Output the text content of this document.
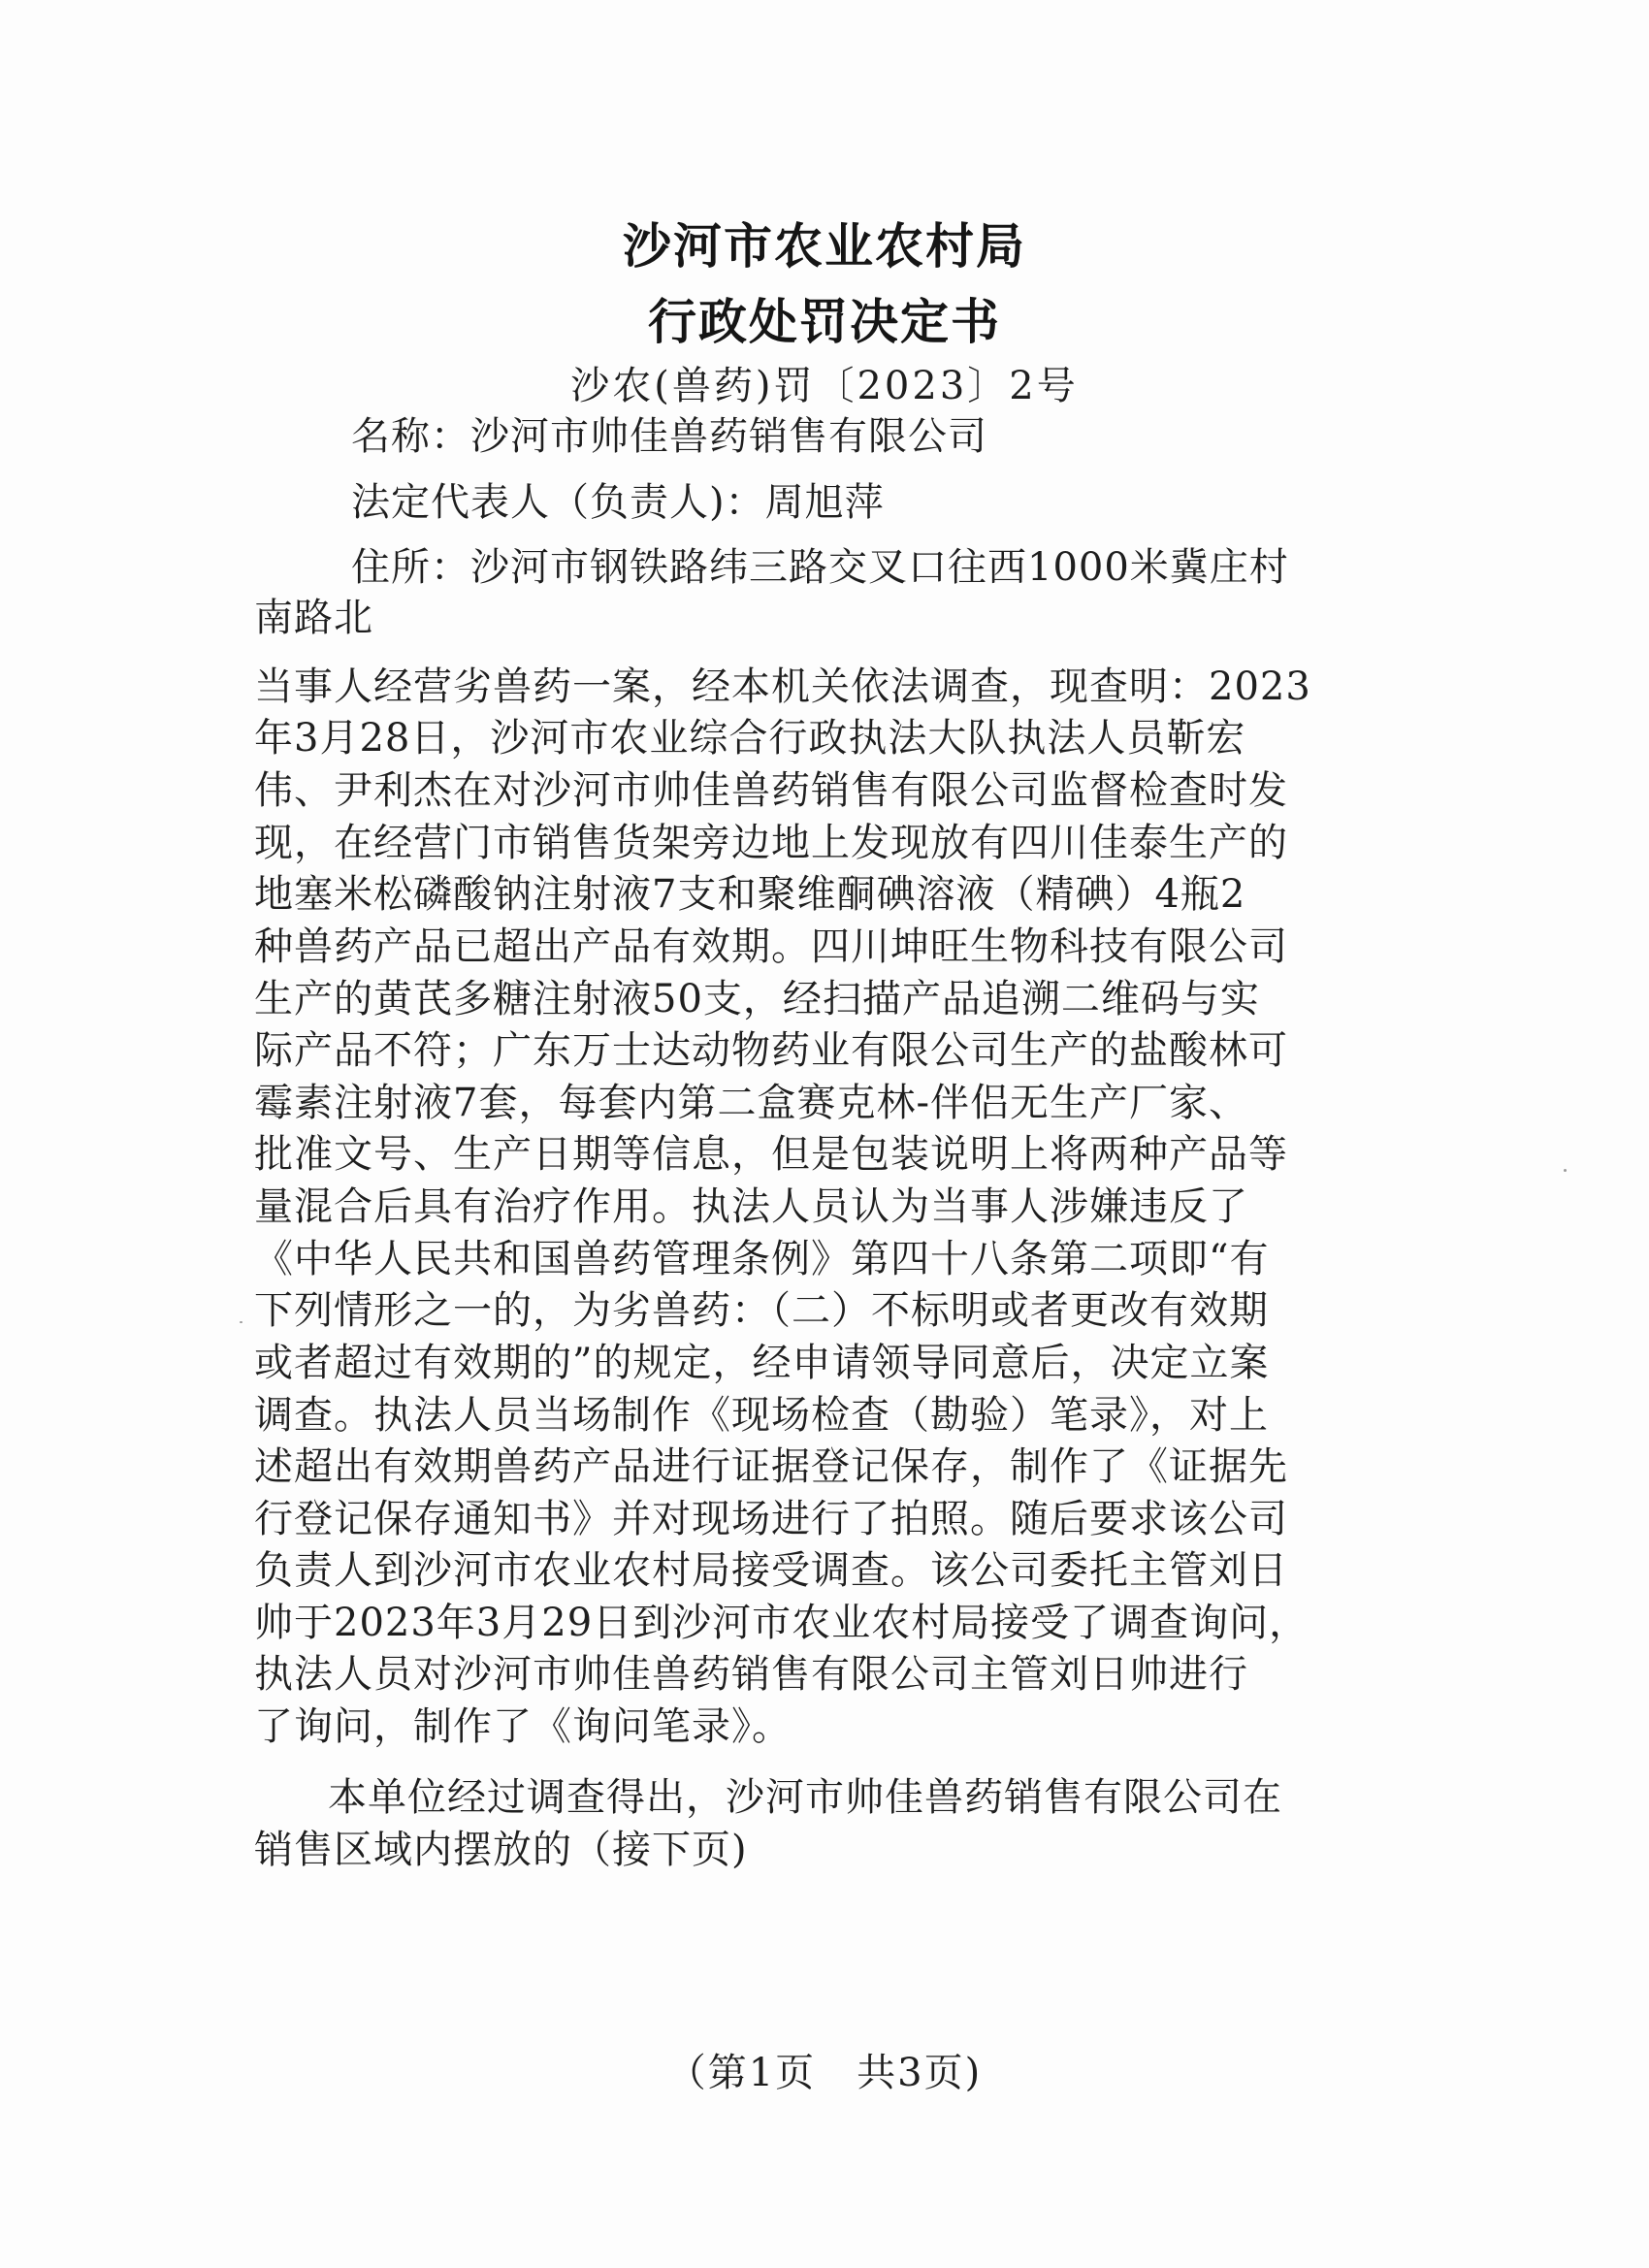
沙河市农业农村局
行政处罚决定书
沙农(兽药)罚〔2023〕2号
名称：沙河市帅佳兽药销售有限公司
法定代表人（负责人)：周旭萍
住所：沙河市钢铁路纬三路交叉口往西1000米冀庄村
南路北
当事人经营劣兽药一案，经本机关依法调查，现查明：2023
年3月28日，沙河市农业综合行政执法大队执法人员靳宏
伟、尹利杰在对沙河市帅佳兽药销售有限公司监督检查时发
现，在经营门市销售货架旁边地上发现放有四川佳泰生产的
地塞米松磷酸钠注射液7支和聚维酮碘溶液（精碘）4瓶2
种兽药产品已超出产品有效期。四川坤旺生物科技有限公司
生产的黄芪多糖注射液50支，经扫描产品追溯二维码与实
际产品不符；广东万士达动物药业有限公司生产的盐酸林可
霉素注射液7套，每套内第二盒赛克林-伴侣无生产厂家、
批准文号、生产日期等信息，但是包装说明上将两种产品等
量混合后具有治疗作用。执法人员认为当事人涉嫌违反了
《中华人民共和国兽药管理条例》第四十八条第二项即“有
下列情形之一的，为劣兽药：（二）不标明或者更改有效期
或者超过有效期的”的规定，经申请领导同意后，决定立案
调查。执法人员当场制作《现场检查（勘验）笔录》，对上
述超出有效期兽药产品进行证据登记保存，制作了《证据先
行登记保存通知书》并对现场进行了拍照。随后要求该公司
负责人到沙河市农业农村局接受调查。该公司委托主管刘日
帅于2023年3月29日到沙河市农业农村局接受了调查询问，
执法人员对沙河市帅佳兽药销售有限公司主管刘日帅进行
了询问，制作了《询问笔录》。
本单位经过调查得出，沙河市帅佳兽药销售有限公司在
销售区域内摆放的（接下页)
（第1页　共3页)
